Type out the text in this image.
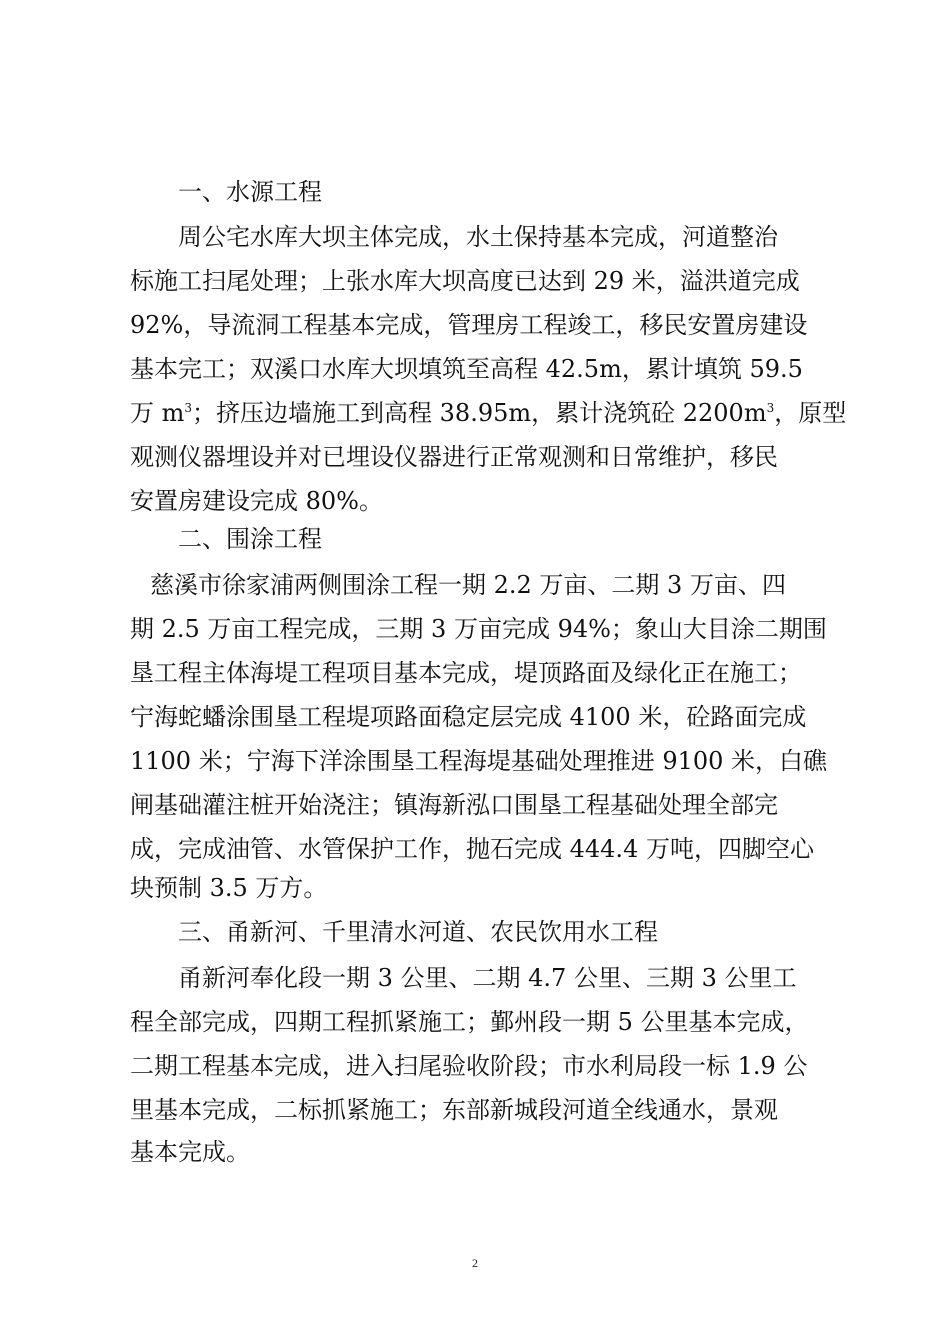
一、水源工程
周公宅水库大坝主体完成，水土保持基本完成，河道整治
标施工扫尾处理；上张水库大坝高度已达到 29 米，溢洪道完成
92%，导流洞工程基本完成，管理房工程竣工，移民安置房建设
基本完工；双溪口水库大坝填筑至高程 42.5m，累计填筑 59.5
万 $m^3$；挤压边墙施工到高程 38.95m，累计浇筑砼 $2200m^3$，原型
观测仪器埋设并对已埋设仪器进行正常观测和日常维护，移民
安置房建设完成 80%。
二、围涂工程
慈溪市徐家浦两侧围涂工程一期 2.2 万亩、二期 3 万亩、四
期 2.5 万亩工程完成，三期 3 万亩完成 94%；象山大目涂二期围
垦工程主体海堤工程项目基本完成，堤顶路面及绿化正在施工；
宁海蛇蟠涂围垦工程堤项路面稳定层完成 4100 米，砼路面完成
1100 米；宁海下洋涂围垦工程海堤基础处理推进 9100 米，白礁
闸基础灌注桩开始浇注；镇海新泓口围垦工程基础处理全部完
成，完成油管、水管保护工作，抛石完成 444.4 万吨，四脚空心
块预制 3.5 万方。
三、甬新河、千里清水河道、农民饮用水工程
甬新河奉化段一期 3 公里、二期 4.7 公里、三期 3 公里工
程全部完成，四期工程抓紧施工；鄞州段一期 5 公里基本完成，
二期工程基本完成，进入扫尾验收阶段；市水利局段一标 1.9 公
里基本完成，二标抓紧施工；东部新城段河道全线通水，景观
基本完成。
2
